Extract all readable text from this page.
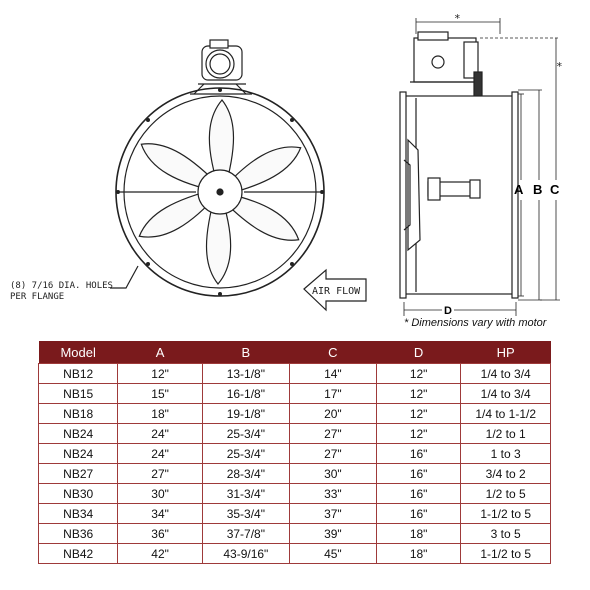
(8) 7/16 DIA. HOLES
PER FLANGE	AIR FLOW
*
*
A B C
D
* Dimensions vary with motor
Model	A	B	C	D	HP
NB12	12"	13-1/8"	14"	12"	1/4 to 3/4
NB15	15"	16-1/8"	17"	12"	1/4 to 3/4
NB18	18"	19-1/8"	20"	12"	1/4 to 1-1/2
NB24	24"	25-3/4"	27"	12"	1/2 to 1
NB24	24"	25-3/4"	27"	16"	1 to 3
NB27	27"	28-3/4"	30"	16"	3/4 to 2
NB30	30"	31-3/4"	33"	16"	1/2 to 5
NB34	34"	35-3/4"	37"	16"	1-1/2 to 5
NB36	36"	37-7/8"	39"	18"	3 to 5
NB42	42"	43-9/16"	45"	18"	1-1/2 to 5
